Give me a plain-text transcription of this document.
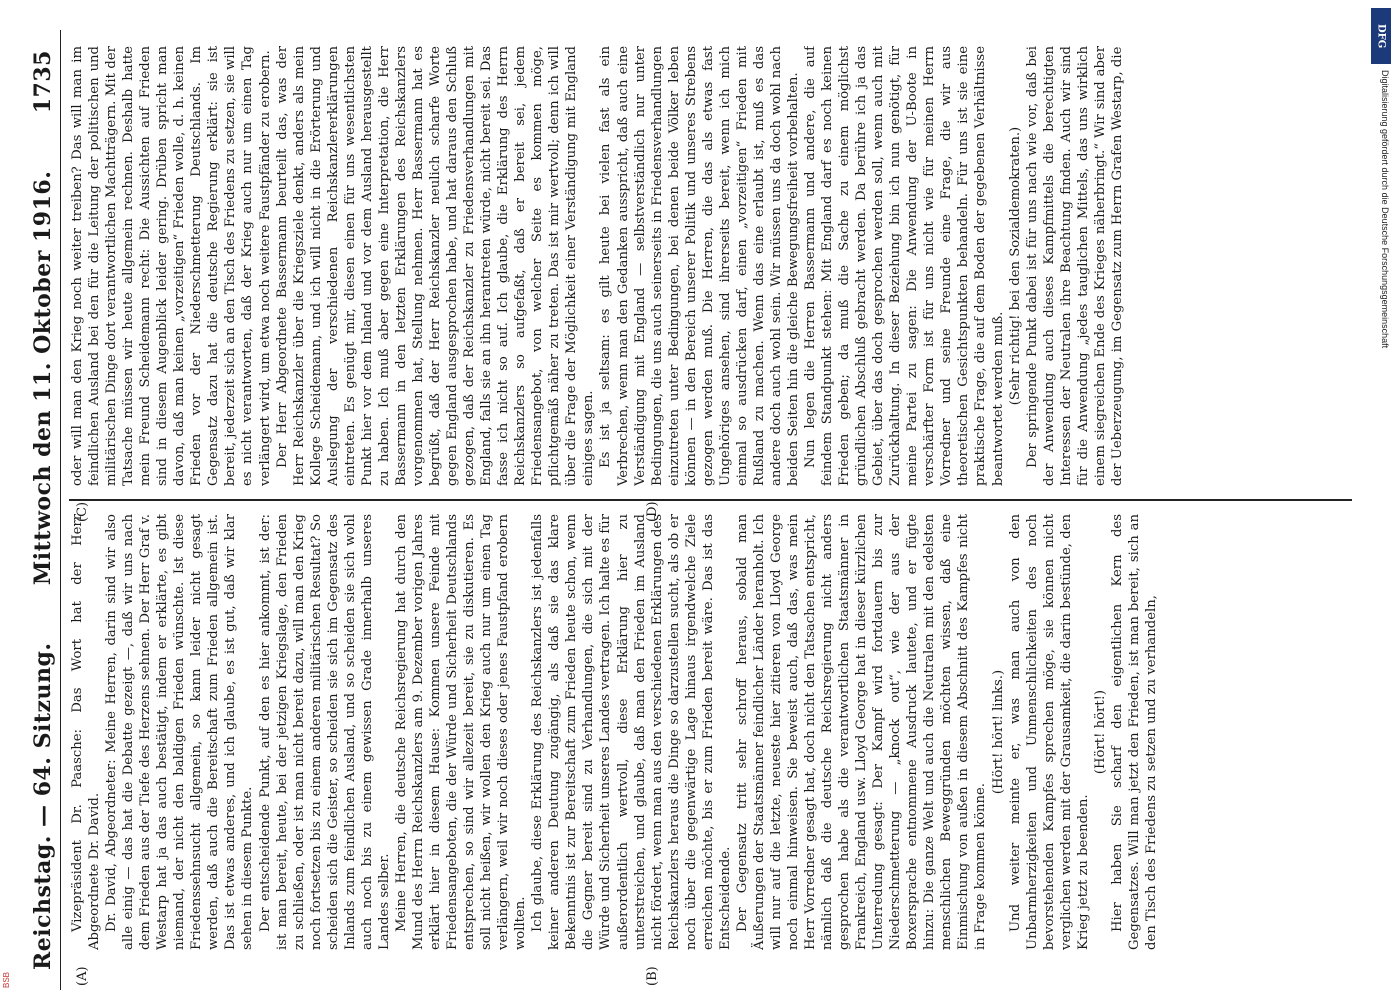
DFG
Digitalisierung gefördert durch die Deutsche Forschungsgemeinschaft
BSB
Reichstag. — 64. Sitzung.
Mittwoch den 11. Oktober 1916.
1735
(A)	(B)
(C)	(D)

Vizepräsident Dr. Paasche: Das Wort hat der Herr Abgeordnete Dr. David. Dr. David, Abgeordneter: Meine Herren, darin sind wir also alle einig — das hat die Debatte gezeigt —, daß wir uns nach dem Frieden aus der Tiefe des Herzens sehnen. Der Herr Graf v. Westarp hat ja das auch bestätigt, indem er erklärte, es gibt niemand, der nicht den baldigen Frieden wünschte. Ist diese Friedenssehnsucht allgemein, so kann leider nicht gesagt werden, daß auch die Bereitschaft zum Frieden allgemein ist. Das ist etwas anderes, und ich glaube, es ist gut, daß wir klar sehen in diesem Punkte. Der entscheidende Punkt, auf den es hier ankommt, ist der: ist man bereit, heute, bei der jetzigen Kriegslage, den Frieden zu schließen, oder ist man nicht bereit dazu, will man den Krieg noch fortsetzen bis zu einem anderen militärischen Resultat? So scheiden sich die Geister, so scheiden sie sich im Gegensatz des Inlands zum feindlichen Ausland, und so scheiden sie sich wohl auch noch bis zu einem gewissen Grade innerhalb unseres Landes selber. Meine Herren, die deutsche Reichsregierung hat durch den Mund des Herrn Reichskanzlers am 9. Dezember vorigen Jahres erklärt hier in diesem Hause: Kommen unsere Feinde mit Friedensangeboten, die der Würde und Sicherheit Deutschlands entsprechen, so sind wir allezeit bereit, sie zu diskutieren. Es soll nicht heißen, wir wollen den Krieg auch nur um einen Tag verlängern, weil wir noch dieses oder jenes Faustpfand erobern wollten. Ich glaube, diese Erklärung des Reichskanzlers ist jedenfalls keiner anderen Deutung zugängig, als daß sie das klare Bekenntnis ist zur Bereitschaft zum Frieden heute schon, wenn die Gegner bereit sind zu Verhandlungen, die sich mit der Würde und Sicherheit unseres Landes vertragen. Ich halte es für außerordentlich wertvoll, diese Erklärung hier zu unterstreichen, und glaube, daß man den Frieden im Ausland nicht fördert, wenn man aus den verschiedenen Erklärungen des Reichskanzlers heraus die Dinge so darzustellen sucht, als ob er noch über die gegenwärtige Lage hinaus irgendwelche Ziele erreichen möchte, bis er zum Frieden bereit wäre. Das ist das Entscheidende. Der Gegensatz tritt sehr schroff heraus, sobald man Äußerungen der Staatsmänner feindlicher Länder heranholt. Ich will nur auf die letzte, neueste hier zitieren von Lloyd George noch einmal hinweisen. Sie beweist auch, daß das, was mein Herr Vorredner gesagt hat, doch nicht den Tatsachen entspricht, nämlich daß die deutsche Reichsregierung nicht anders gesprochen habe als die verantwortlichen Staatsmänner in Frankreich, England usw. Lloyd George hat in dieser kürzlichen Unterredung gesagt: Der Kampf wird fortdauern bis zur Niederschmetterung — „knock out“, wie der aus der Boxersprache entnommene Ausdruck lautete, und er fügte hinzu: Die ganze Welt und auch die Neutralen mit den edelsten menschlichen Beweggründen möchten wissen, daß eine Einmischung von außen in diesem Abschnitt des Kampfes nicht in Frage kommen könne.

(Hört! hört! links.) Und weiter meinte er, was man auch von den Unbarmherzigkeiten und Unmenschlichkeiten des noch bevorstehenden Kampfes sprechen möge, sie können nicht verglichen werden mit der Grausamkeit, die darin bestünde, den Krieg jetzt zu beenden.

(Hört! hört!) Hier haben Sie scharf den eigentlichen Kern des Gegensatzes. Will man jetzt den Frieden, ist man bereit, sich an den Tisch des Friedens zu setzen und zu verhandeln,

oder will man den Krieg noch weiter treiben? Das will man im feindlichen Ausland bei den für die Leitung der politischen und militärischen Dinge dort verantwortlichen Machtträgern. Mit der Tatsache müssen wir heute allgemein rechnen. Deshalb hatte mein Freund Scheidemann recht: Die Aussichten auf Frieden sind in diesem Augenblick leider gering. Drüben spricht man davon, daß man keinen „vorzeitigen“ Frieden wolle, d. h. keinen Frieden vor der Niederschmetterung Deutschlands. Im Gegensatz dazu hat die deutsche Regierung erklärt: sie ist bereit, jederzeit sich an den Tisch des Friedens zu setzen, sie will es nicht verantworten, daß der Krieg auch nur um einen Tag verlängert wird, um etwa noch weitere Faustpfänder zu erobern. Der Herr Abgeordnete Bassermann beurteilt das, was der Herr Reichskanzler über die Kriegsziele denkt, anders als mein Kollege Scheidemann, und ich will nicht in die Erörterung und Auslegung der verschiedenen Reichskanzlererklärungen eintreten. Es genügt mir, diesen einen für uns wesentlichsten Punkt hier vor dem Inland und vor dem Ausland herausgestellt zu haben. Ich muß aber gegen eine Interpretation, die Herr Bassermann in den letzten Erklärungen des Reichskanzlers vorgenommen hat, Stellung nehmen. Herr Bassermann hat es begrüßt, daß der Herr Reichskanzler neulich scharfe Worte gegen England ausgesprochen habe, und hat daraus den Schluß gezogen, daß der Reichskanzler zu Friedensverhandlungen mit England, falls sie an ihn herantreten würde, nicht bereit sei. Das fasse ich nicht so auf. Ich glaube, die Erklärung des Herrn Reichskanzlers so aufgefaßt, daß er bereit sei, jedem Friedensangebot, von welcher Seite es kommen möge, pflichtgemäß näher zu treten. Das ist mir wertvoll; denn ich will über die Frage der Möglichkeit einer Verständigung mit England einiges sagen. Es ist ja seltsam: es gilt heute bei vielen fast als ein Verbrechen, wenn man den Gedanken ausspricht, daß auch eine Verständigung mit England — selbstverständlich nur unter Bedingungen, die uns auch seinerseits in Friedensverhandlungen einzutreten unter Bedingungen, bei denen beide Völker leben können — in den Bereich unserer Politik und unseres Strebens gezogen werden muß. Die Herren, die das als etwas fast Ungehöriges ansehen, sind ihrerseits bereit, wenn ich mich einmal so ausdrücken darf, einen „vorzeitigen“ Frieden mit Rußland zu machen. Wenn das eine erlaubt ist, muß es das andere doch auch wohl sein. Wir müssen uns da doch wohl nach beiden Seiten hin die gleiche Bewegungsfreiheit vorbehalten. Nun legen die Herren Bassermann und andere, die auf feindem Standpunkt stehen: Mit England darf es noch keinen Frieden geben; da muß die Sache zu einem möglichst gründlichen Abschluß gebracht werden. Da berühre ich ja das Gebiet, über das doch gesprochen werden soll, wenn auch mit Zurückhaltung. In dieser Beziehung bin ich nun genötigt, für meine Partei zu sagen: Die Anwendung der U-Boote in verschärfter Form ist für uns nicht wie für meinen Herrn Vorredner und seine Freunde eine Frage, die wir aus theoretischen Gesichtspunkten behandeln. Für uns ist sie eine praktische Frage, die auf dem Boden der gegebenen Verhältnisse beantwortet werden muß. (Sehr richtig! bei den Sozialdemokraten.) Der springende Punkt dabei ist für uns nach wie vor, daß bei der Anwendung auch dieses Kampfmittels die berechtigten Interessen der Neutralen ihre Beachtung finden. Auch wir sind für die Anwendung „jedes tauglichen Mittels, das uns wirklich einem siegreichen Ende des Krieges näherbringt.“ Wir sind aber der Ueberzeugung, im Gegensatz zum Herrn Grafen Westarp, die
